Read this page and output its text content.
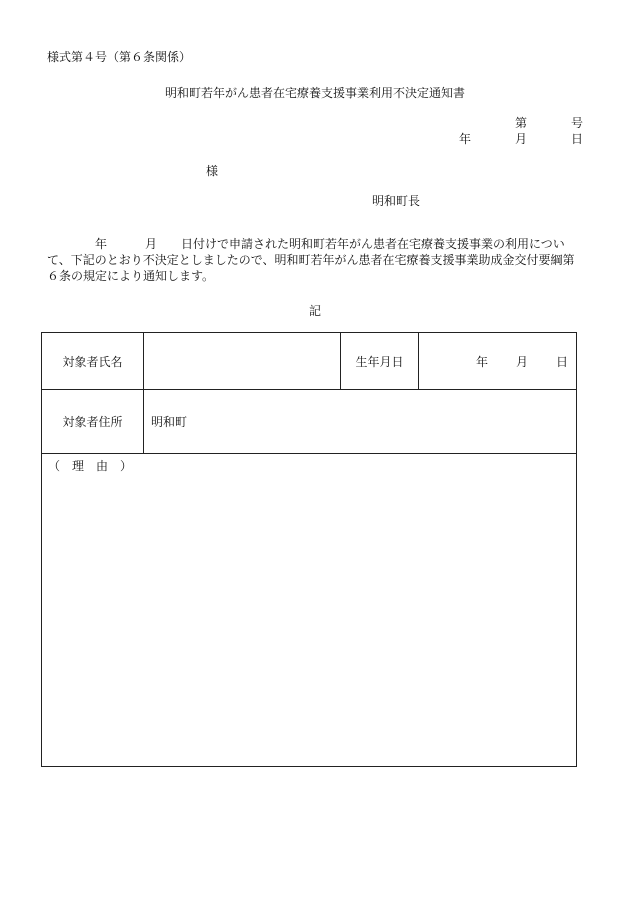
様式第４号（第６条関係）
明和町若年がん患者在宅療養支援事業利用不決定通知書
第	号
年	月	日
様
明和町長
年	月 日付けで申請された明和町若年がん患者在宅療養支援事業の利用について、下記のとおり不決定としましたので、明和町若年がん患者在宅療養支援事業助成金交付要綱第６条の規定により通知します。
記
対象者氏名		生年月日	年 月 日
対象者住所	明和町		
（　理　由　）			
